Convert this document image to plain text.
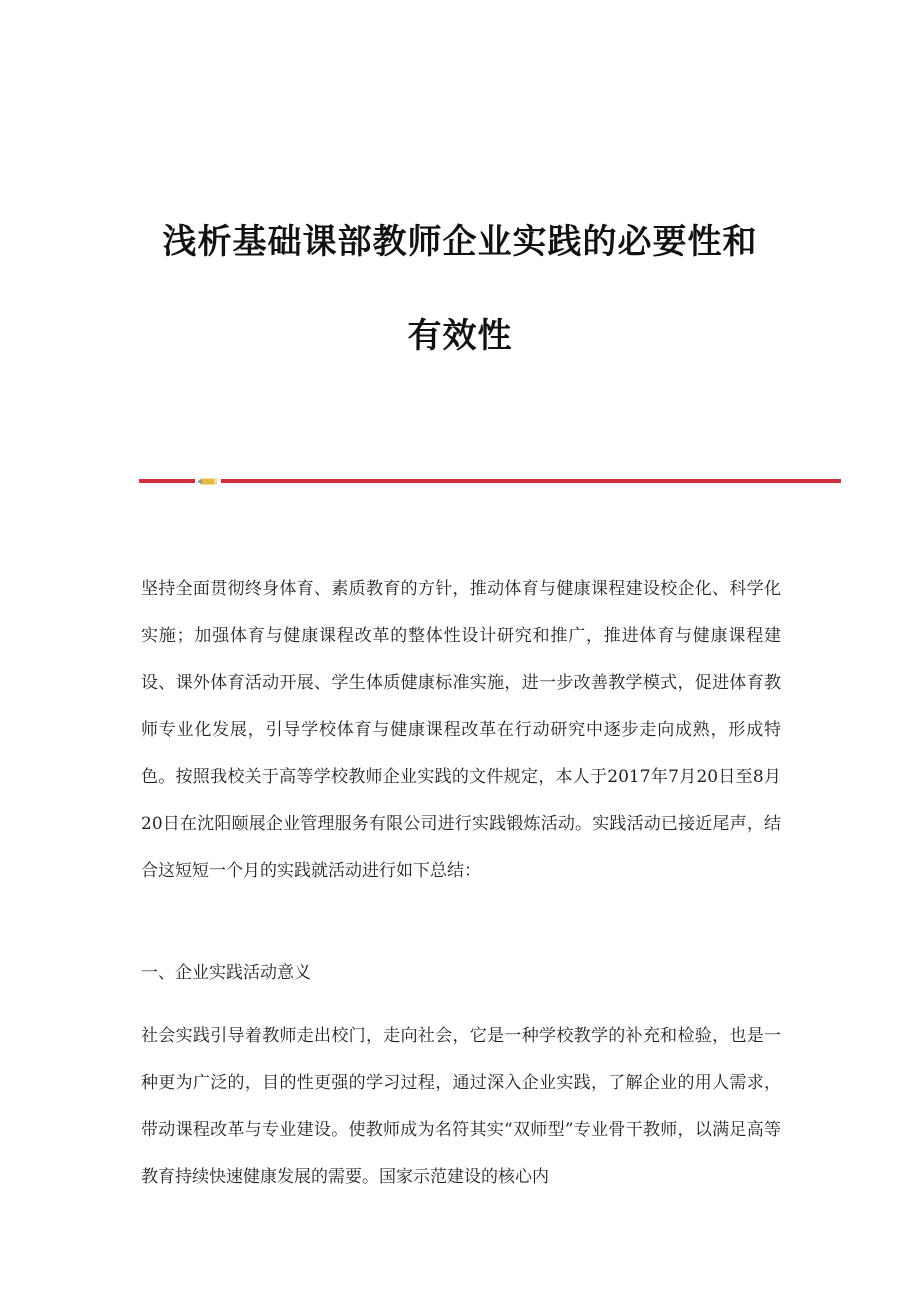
浅析基础课部教师企业实践的必要性和
有效性

坚持全面贯彻终身体育、素质教育的方针，推动体育与健康课程建设校企化、科学化实施；加强体育与健康课程改革的整体性设计研究和推广，推进体育与健康课程建设、课外体育活动开展、学生体质健康标准实施，进一步改善教学模式，促进体育教师专业化发展，引导学校体育与健康课程改革在行动研究中逐步走向成熟，形成特色。按照我校关于高等学校教师企业实践的文件规定，本人于2017年7月20日至8月20日在沈阳颐展企业管理服务有限公司进行实践锻炼活动。实践活动已接近尾声，结合这短短一个月的实践就活动进行如下总结：

一、企业实践活动意义

社会实践引导着教师走出校门，走向社会，它是一种学校教学的补充和检验，也是一种更为广泛的，目的性更强的学习过程，通过深入企业实践，了解企业的用人需求，带动课程改革与专业建设。使教师成为名符其实“双师型”专业骨干教师，以满足高等教育持续快速健康发展的需要。国家示范建设的核心内
